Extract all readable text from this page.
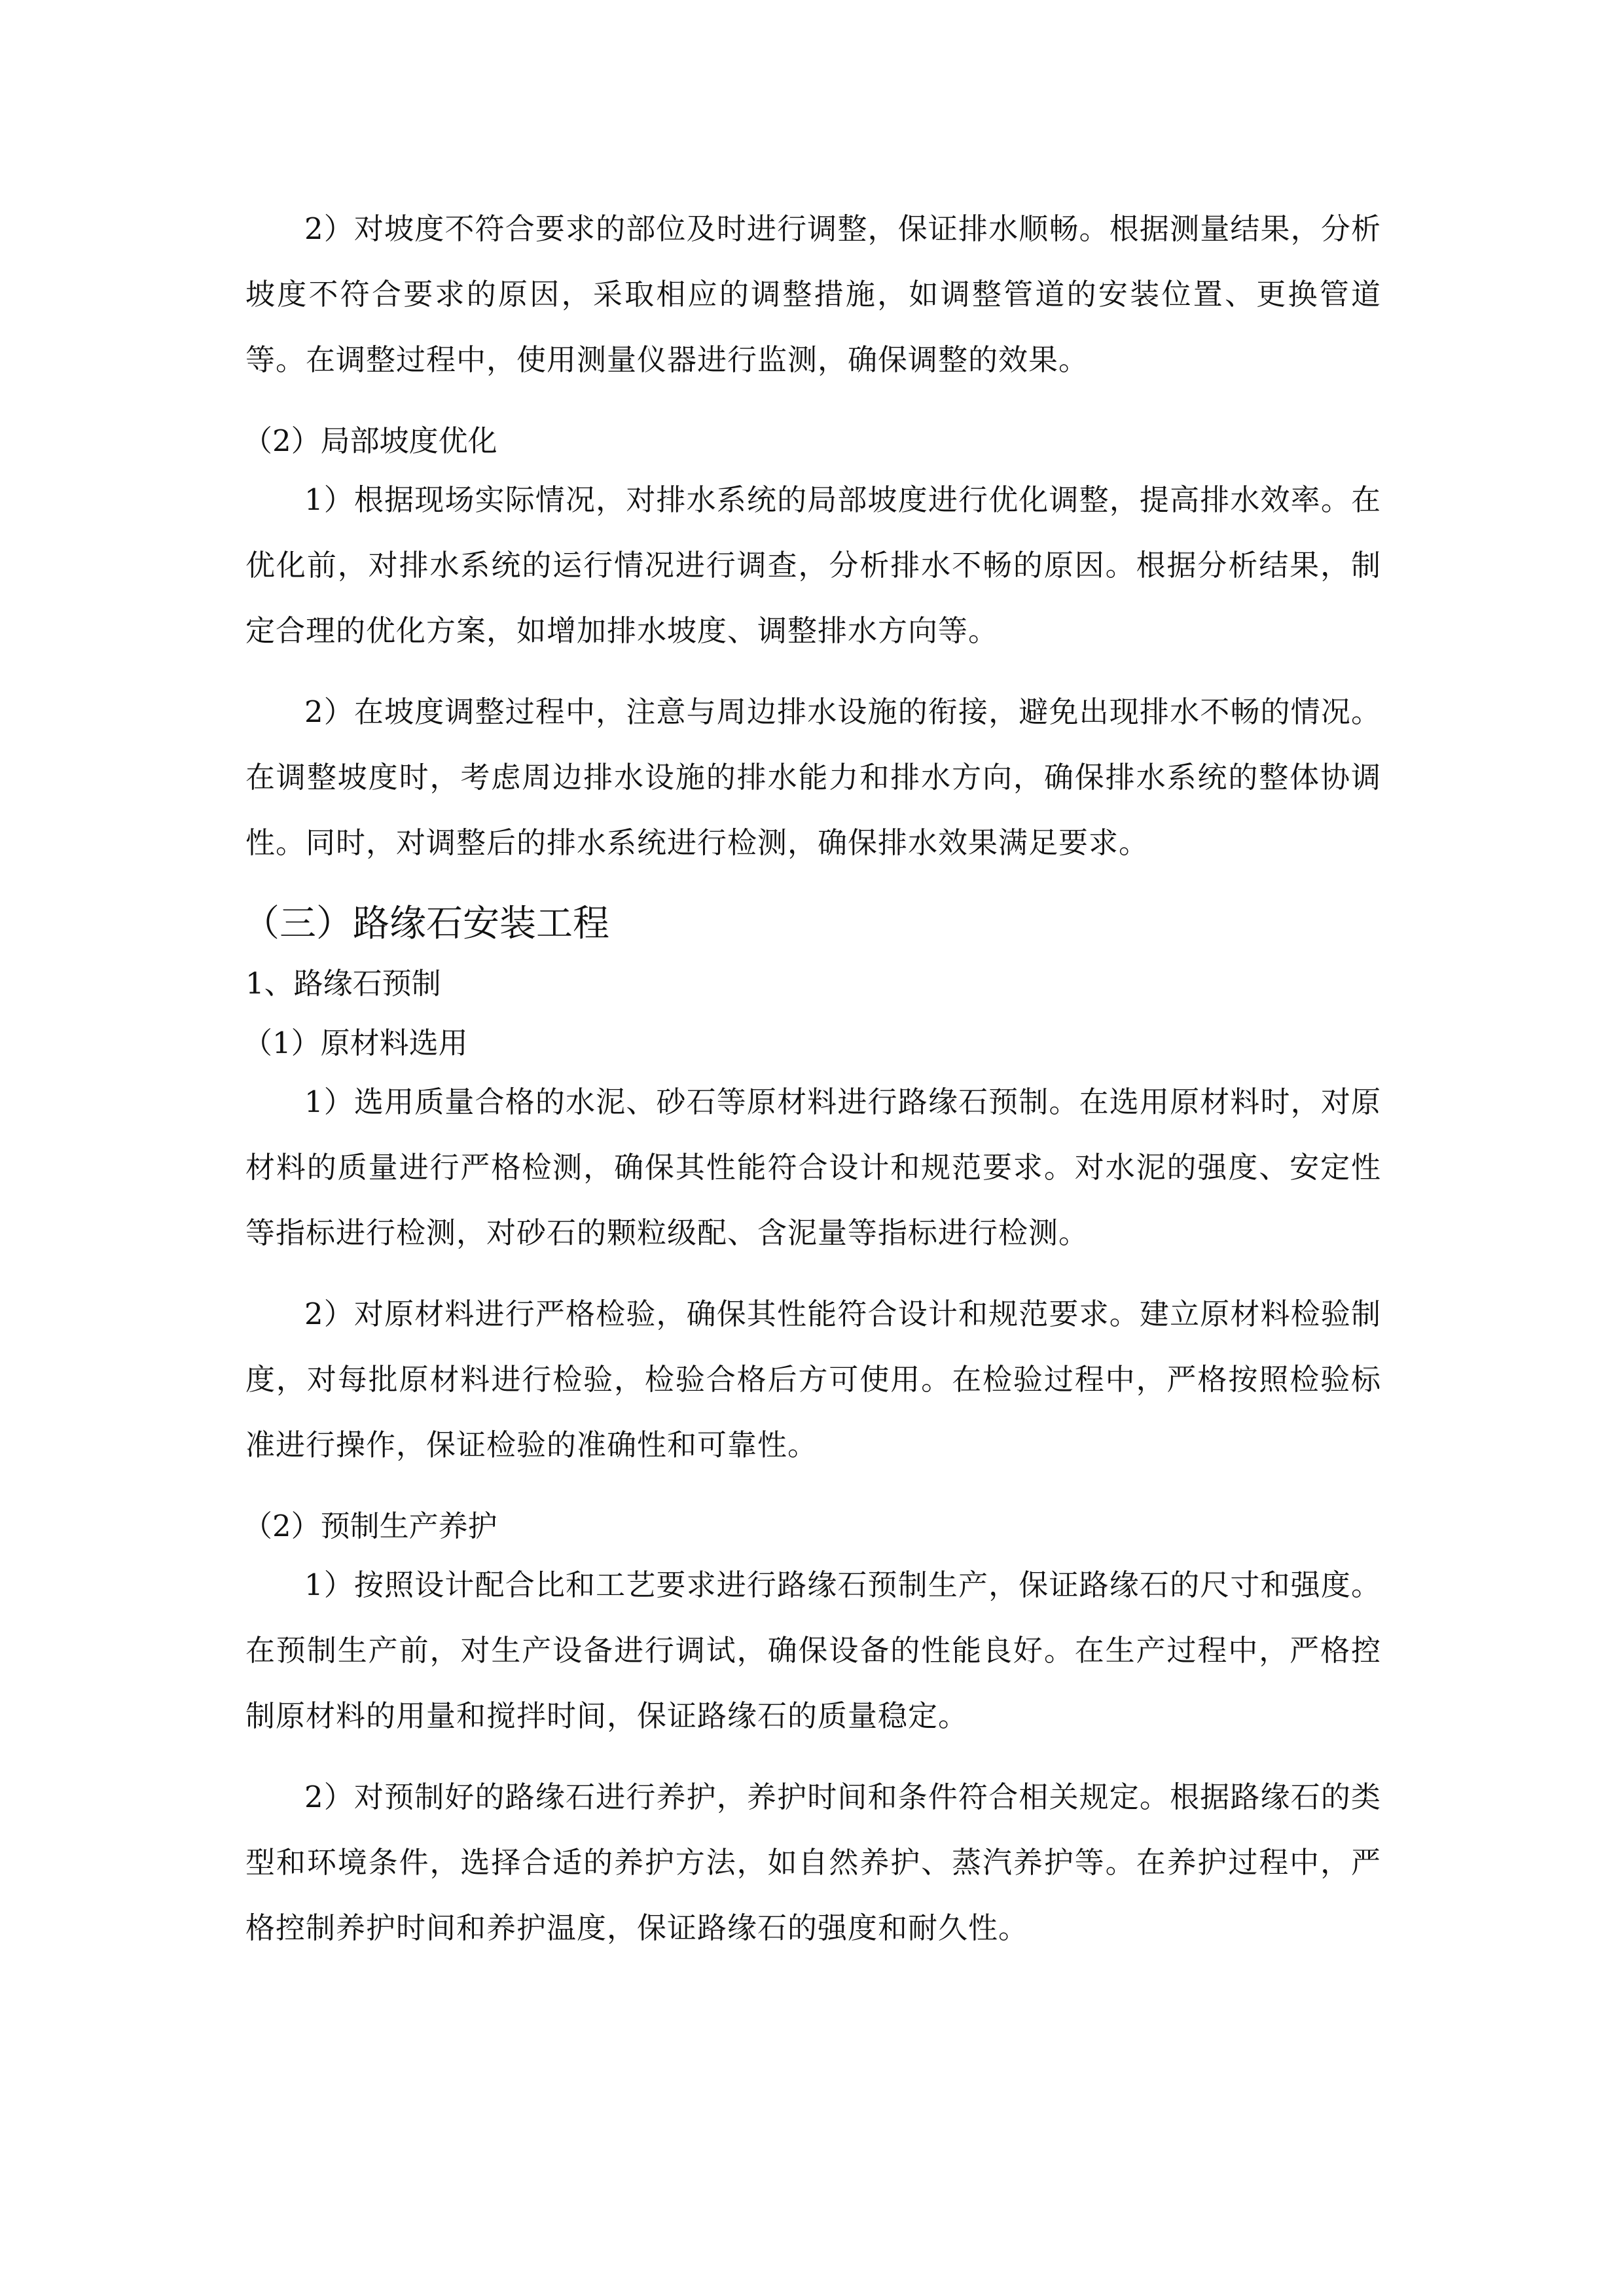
2）对坡度不符合要求的部位及时进行调整，保证排水顺畅。根据测量结果，分析坡度不符合要求的原因，采取相应的调整措施，如调整管道的安装位置、更换管道等。在调整过程中，使用测量仪器进行监测，确保调整的效果。

（2）局部坡度优化

1）根据现场实际情况，对排水系统的局部坡度进行优化调整，提高排水效率。在优化前，对排水系统的运行情况进行调查，分析排水不畅的原因。根据分析结果，制定合理的优化方案，如增加排水坡度、调整排水方向等。

2）在坡度调整过程中，注意与周边排水设施的衔接，避免出现排水不畅的情况。在调整坡度时，考虑周边排水设施的排水能力和排水方向，确保排水系统的整体协调性。同时，对调整后的排水系统进行检测，确保排水效果满足要求。

（三）路缘石安装工程

1、路缘石预制

（1）原材料选用

1）选用质量合格的水泥、砂石等原材料进行路缘石预制。在选用原材料时，对原材料的质量进行严格检测，确保其性能符合设计和规范要求。对水泥的强度、安定性等指标进行检测，对砂石的颗粒级配、含泥量等指标进行检测。

2）对原材料进行严格检验，确保其性能符合设计和规范要求。建立原材料检验制度，对每批原材料进行检验，检验合格后方可使用。在检验过程中，严格按照检验标准进行操作，保证检验的准确性和可靠性。

（2）预制生产养护

1）按照设计配合比和工艺要求进行路缘石预制生产，保证路缘石的尺寸和强度。在预制生产前，对生产设备进行调试，确保设备的性能良好。在生产过程中，严格控制原材料的用量和搅拌时间，保证路缘石的质量稳定。

2）对预制好的路缘石进行养护，养护时间和条件符合相关规定。根据路缘石的类型和环境条件，选择合适的养护方法，如自然养护、蒸汽养护等。在养护过程中，严格控制养护时间和养护温度，保证路缘石的强度和耐久性。
